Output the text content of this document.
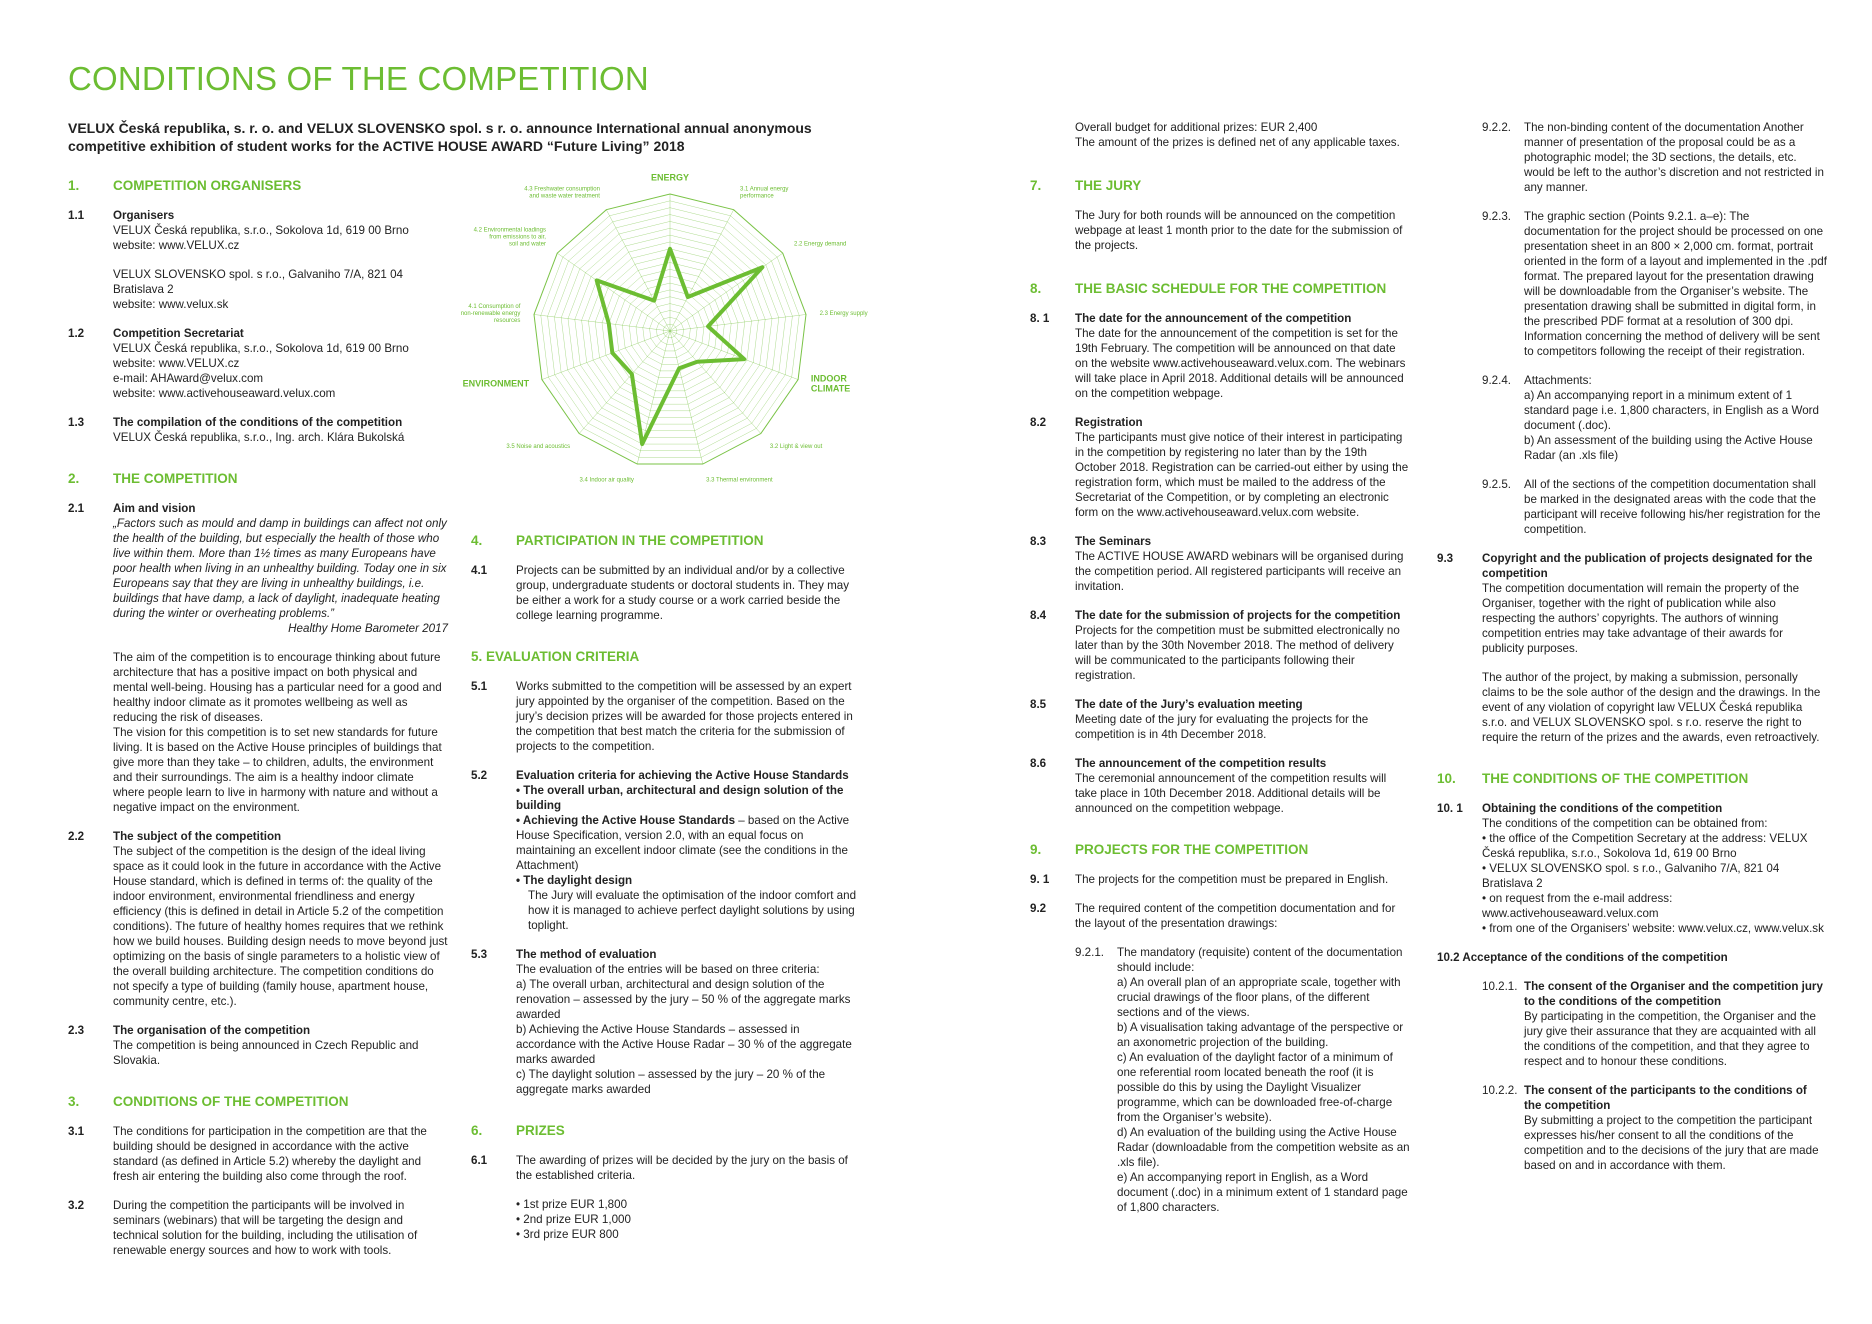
CONDITIONS OF THE COMPETITION
VELUX Česká republika, s. r. o. and VELUX SLOVENSKO spol. s r. o. announce International annual anonymous competitive exhibition of student works for the ACTIVE HOUSE AWARD “Future Living” 2018
1. COMPETITION ORGANISERS
1.1 Organisers

VELUX Česká republika, s.r.o., Sokolova 1d, 619 00 Brno

website: www.VELUX.cz

VELUX SLOVENSKO spol. s r.o., Galvaniho 7/A, 821 04 Bratislava 2

website: www.velux.sk

1.2 Competition Secretariat

VELUX Česká republika, s.r.o., Sokolova 1d, 619 00 Brno

website: www.VELUX.cz

e-mail: AHAward@velux.com

website: www.activehouseaward.velux.com

1.3 The compilation of the conditions of the competition

VELUX Česká republika, s.r.o., Ing. arch. Klára Bukolská

2. THE COMPETITION
2.1 Aim and vision

„Factors such as mould and damp in buildings can affect not only the health of the building, but especially the health of those who live within them. More than 1½ times as many Europeans have poor health when living in an unhealthy building. Today one in six Europeans say that they are living in unhealthy buildings, i.e. buildings that have damp, a lack of daylight, inadequate heating during the winter or overheating problems.”

Healthy Home Barometer 2017

The aim of the competition is to encourage thinking about future architecture that has a positive impact on both physical and mental well-being. Housing has a particular need for a good and healthy indoor climate as it promotes wellbeing as well as reducing the risk of diseases.

The vision for this competition is to set new standards for future living. It is based on the Active House principles of buildings that give more than they take – to children, adults, the environment and their surroundings. The aim is a healthy indoor climate where people learn to live in harmony with nature and without a negative impact on the environment.

2.2 The subject of the competition

The subject of the competition is the design of the ideal living space as it could look in the future in accordance with the Active House standard, which is defined in terms of: the quality of the indoor environment, environmental friendliness and energy efficiency (this is defined in detail in Article 5.2 of the competition conditions). The future of healthy homes requires that we rethink how we build houses. Building design needs to move beyond just optimizing on the basis of single parameters to a holistic view of the overall building architecture. The competition conditions do not specify a type of building (family house, apartment house, community centre, etc.).

2.3 The organisation of the competition

The competition is being announced in Czech Republic and Slovakia.

3. CONDITIONS OF THE COMPETITION
3.1 The conditions for participation in the competition are that the building should be designed in accordance with the active standard (as defined in Article 5.2) whereby the daylight and fresh air entering the building also come through the roof.

3.2 During the competition the participants will be involved in seminars (webinars) that will be targeting the design and technical solution for the building, including the utilisation of renewable energy sources and how to work with tools.

ENERGY
3.1 Annual energy performance
2.2 Energy demand
2.3 Energy supply
INDOOR CLIMATE
3.2 Light & view out
3.3 Thermal environment
3.4 Indoor air quality
3.5 Noise and acoustics
ENVIRONMENT
4.1 Consumption of non-renewable energy resources
4.2 Environmental loadings from emissions to air, soil and water
4.3 Freshwater consumption and waste water treatment
4. PARTICIPATION IN THE COMPETITION
4.1 Projects can be submitted by an individual and/or by a collective group, undergraduate students or doctoral students in. They may be either a work for a study course or a work carried beside the college learning programme.

5. EVALUATION CRITERIA
5.1 Works submitted to the competition will be assessed by an expert jury appointed by the organiser of the competition. Based on the jury’s decision prizes will be awarded for those projects entered in the competition that best match the criteria for the submission of projects to the competition.

5.2 Evaluation criteria for achieving the Active House Standards

• The overall urban, architectural and design solution of the building

• Achieving the Active House Standards – based on the Active House Specification, version 2.0, with an equal focus on maintaining an excellent indoor climate (see the conditions in the Attachment)

• The daylight design

The Jury will evaluate the optimisation of the indoor comfort and how it is managed to achieve perfect daylight solutions by using toplight.

5.3 The method of evaluation

The evaluation of the entries will be based on three criteria:

a) The overall urban, architectural and design solution of the renovation – assessed by the jury – 50 % of the aggregate marks awarded

b) Achieving the Active House Standards – assessed in accordance with the Active House Radar – 30 % of the aggregate marks awarded

c) The daylight solution – assessed by the jury – 20 % of the aggregate marks awarded

6. PRIZES
6.1 The awarding of prizes will be decided by the jury on the basis of the established criteria.

• 1st prize EUR 1,800

• 2nd prize EUR 1,000

• 3rd prize EUR 800

Overall budget for additional prizes: EUR 2,400

The amount of the prizes is defined net of any applicable taxes.

7. THE JURY

The Jury for both rounds will be announced on the competition webpage at least 1 month prior to the date for the submission of the projects.

8. THE BASIC SCHEDULE FOR THE COMPETITION
8. 1 The date for the announcement of the competition

The date for the announcement of the competition is set for the 19th February. The competition will be announced on that date on the website www.activehouseaward.velux.com. The webinars will take place in April 2018. Additional details will be announced on the competition webpage.

8.2 Registration

The participants must give notice of their interest in participating in the competition by registering no later than by the 19th October 2018. Registration can be carried-out either by using the registration form, which must be mailed to the address of the Secretariat of the Competition, or by completing an electronic form on the www.activehouseaward.velux.com website.

8.3 The Seminars

The ACTIVE HOUSE AWARD webinars will be organised during the competition period. All registered participants will receive an invitation.

8.4 The date for the submission of projects for the competition

Projects for the competition must be submitted electronically no later than by the 30th November 2018. The method of delivery will be communicated to the participants following their registration.

8.5 The date of the Jury’s evaluation meeting

Meeting date of the jury for evaluating the projects for the competition is in 4th December 2018.

8.6 The announcement of the competition results

The ceremonial announcement of the competition results will take place in 10th December 2018. Additional details will be announced on the competition webpage.

9. PROJECTS FOR THE COMPETITION
9. 1 The projects for the competition must be prepared in English.

9.2 The required content of the competition documentation and for the layout of the presentation drawings:

9.2.1. The mandatory (requisite) content of the documentation should include:

a) An overall plan of an appropriate scale, together with crucial drawings of the floor plans, of the different sections and of the views.

b) A visualisation taking advantage of the perspective or an axonometric projection of the building.

c) An evaluation of the daylight factor of a minimum of one referential room located beneath the roof (it is possible do this by using the Daylight Visualizer programme, which can be downloaded free-of-charge from the Organiser’s website).

d) An evaluation of the building using the Active House Radar (downloadable from the competition website as an .xls file).

e) An accompanying report in English, as a Word document (.doc) in a minimum extent of 1 standard page of 1,800 characters.

9.2.2. The non-binding content of the documentation Another manner of presentation of the proposal could be as a photographic model; the 3D sections, the details, etc. would be left to the author’s discretion and not restricted in any manner.

9.2.3. The graphic section (Points 9.2.1. a–e): The documentation for the project should be processed on one presentation sheet in an 800 × 2,000 cm. format, portrait oriented in the form of a layout and implemented in the .pdf format. The prepared layout for the presentation drawing will be downloadable from the Organiser’s website. The presentation drawing shall be submitted in digital form, in the prescribed PDF format at a resolution of 300 dpi. Information concerning the method of delivery will be sent to competitors following the receipt of their registration.

9.2.4. Attachments:

a) An accompanying report in a minimum extent of 1 standard page i.e. 1,800 characters, in English as a Word document (.doc).

b) An assessment of the building using the Active House Radar (an .xls file)

9.2.5. All of the sections of the competition documentation shall be marked in the designated areas with the code that the participant will receive following his/her registration for the competition.

9.3 Copyright and the publication of projects designated for the competition

The competition documentation will remain the property of the Organiser, together with the right of publication while also respecting the authors’ copyrights. The authors of winning competition entries may take advantage of their awards for publicity purposes.

The author of the project, by making a submission, personally claims to be the sole author of the design and the drawings. In the event of any violation of copyright law VELUX Česká republika s.r.o. and VELUX SLOVENSKO spol. s r.o. reserve the right to require the return of the prizes and the awards, even retroactively.

10. THE CONDITIONS OF THE COMPETITION
10. 1 Obtaining the conditions of the competition

The conditions of the competition can be obtained from:

• the office of the Competition Secretary at the address: VELUX Česká republika, s.r.o., Sokolova 1d, 619 00 Brno

• VELUX SLOVENSKO spol. s r.o., Galvaniho 7/A, 821 04 Bratislava 2

• on request from the e-mail address: www.activehouseaward.velux.com

• from one of the Organisers’ website: www.velux.cz, www.velux.sk

10.2 Acceptance of the conditions of the competition
10.2.1. The consent of the Organiser and the competition jury to the conditions of the competition

By participating in the competition, the Organiser and the jury give their assurance that they are acquainted with all the conditions of the competition, and that they agree to respect and to honour these conditions.

10.2.2. The consent of the participants to the conditions of the competition

By submitting a project to the competition the participant expresses his/her consent to all the conditions of the competition and to the decisions of the jury that are made based on and in accordance with them.
